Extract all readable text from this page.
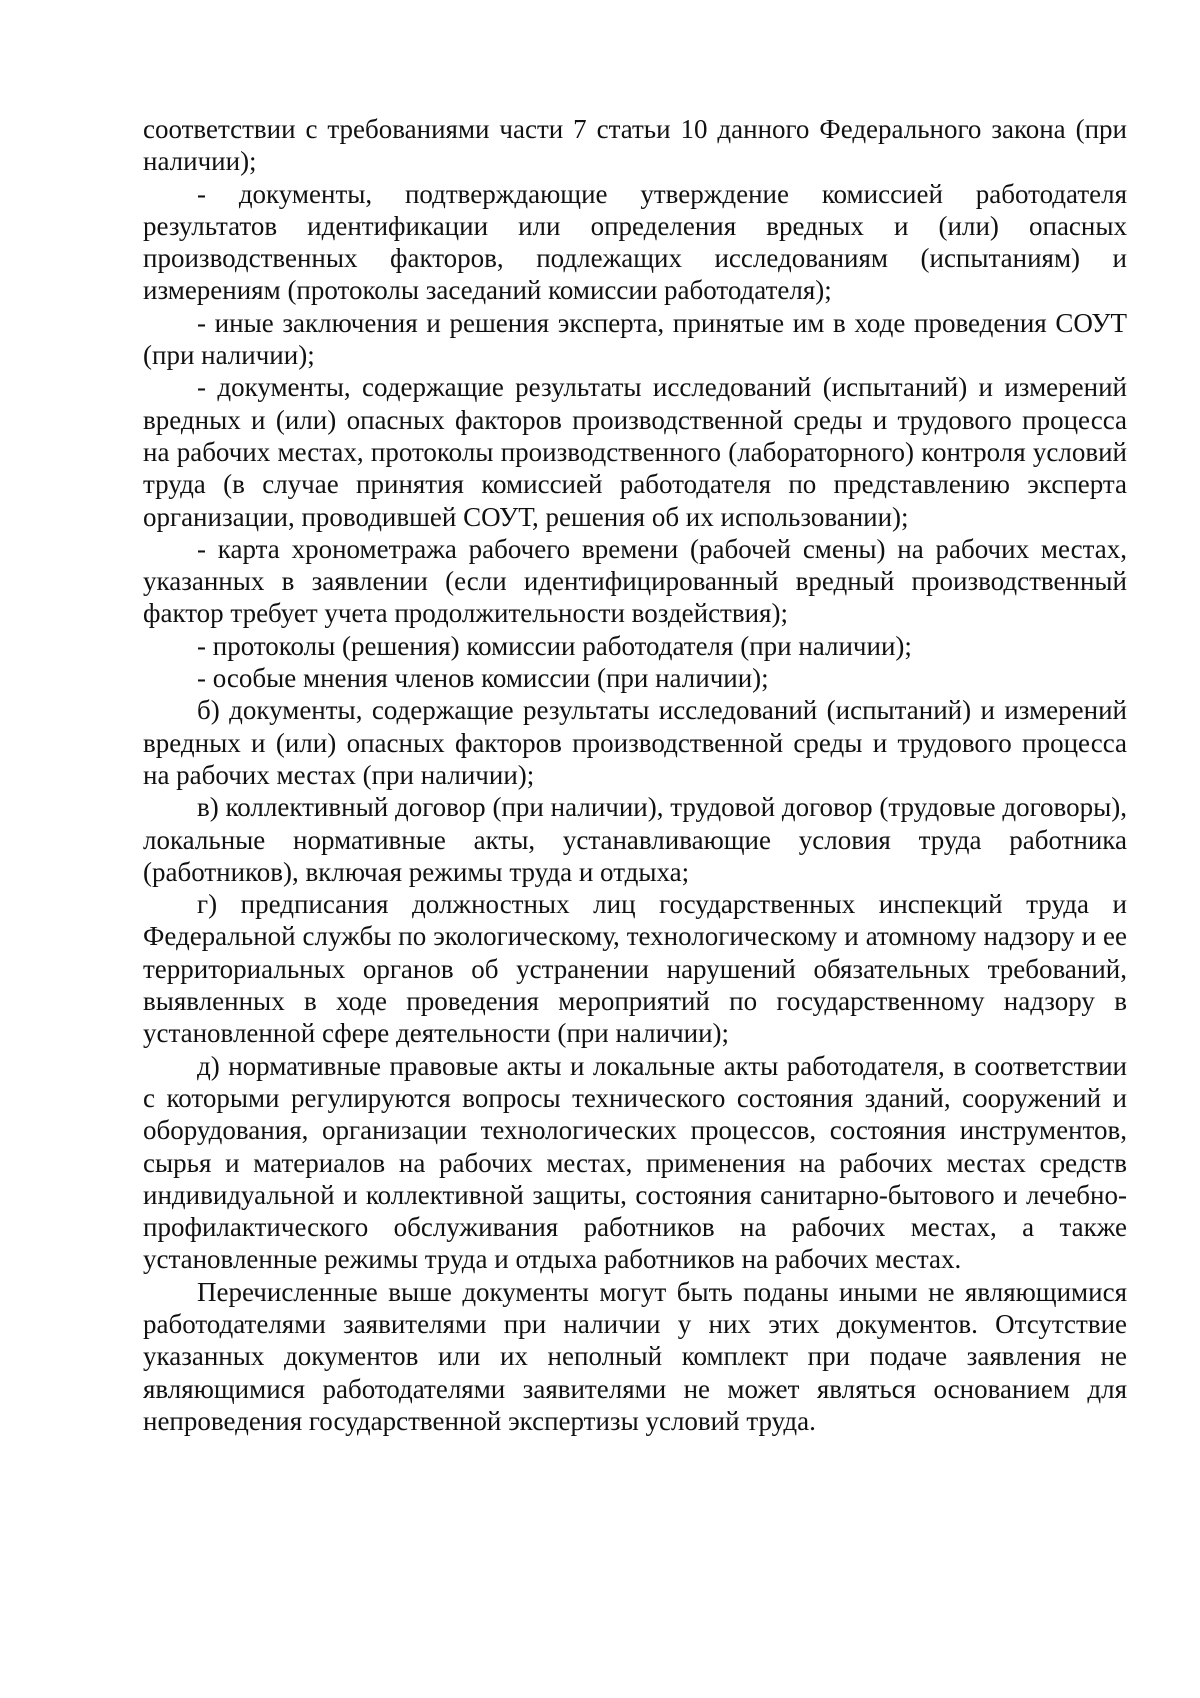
соответствии с требованиями части 7 статьи 10 данного Федерального закона (при наличии);

- документы, подтверждающие утверждение комиссией работодателя результатов идентификации или определения вредных и (или) опасных производственных факторов, подлежащих исследованиям (испытаниям) и измерениям (протоколы заседаний комиссии работодателя);

- иные заключения и решения эксперта, принятые им в ходе проведения СОУТ (при наличии);

- документы, содержащие результаты исследований (испытаний) и измерений вредных и (или) опасных факторов производственной среды и трудового процесса на рабочих местах, протоколы производственного (лабораторного) контроля условий труда (в случае принятия комиссией работодателя по представлению эксперта организации, проводившей СОУТ, решения об их использовании);

- карта хронометража рабочего времени (рабочей смены) на рабочих местах, указанных в заявлении (если идентифицированный вредный производственный фактор требует учета продолжительности воздействия);

- протоколы (решения) комиссии работодателя (при наличии);

- особые мнения членов комиссии (при наличии);

б) документы, содержащие результаты исследований (испытаний) и измерений вредных и (или) опасных факторов производственной среды и трудового процесса на рабочих местах (при наличии);

в) коллективный договор (при наличии), трудовой договор (трудовые договоры), локальные нормативные акты, устанавливающие условия труда работника (работников), включая режимы труда и отдыха;

г) предписания должностных лиц государственных инспекций труда и Федеральной службы по экологическому, технологическому и атомному надзору и ее территориальных органов об устранении нарушений обязательных требований, выявленных в ходе проведения мероприятий по государственному надзору в установленной сфере деятельности (при наличии);

д) нормативные правовые акты и локальные акты работодателя, в соответствии с которыми регулируются вопросы технического состояния зданий, сооружений и оборудования, организации технологических процессов, состояния инструментов, сырья и материалов на рабочих местах, применения на рабочих местах средств индивидуальной и коллективной защиты, состояния санитарно-бытового и лечебно-профилактического обслуживания работников на рабочих местах, а также установленные режимы труда и отдыха работников на рабочих местах.

Перечисленные выше документы могут быть поданы иными не являющимися работодателями заявителями при наличии у них этих документов. Отсутствие указанных документов или их неполный комплект при подаче заявления не являющимися работодателями заявителями не может являться основанием для непроведения государственной экспертизы условий труда.
